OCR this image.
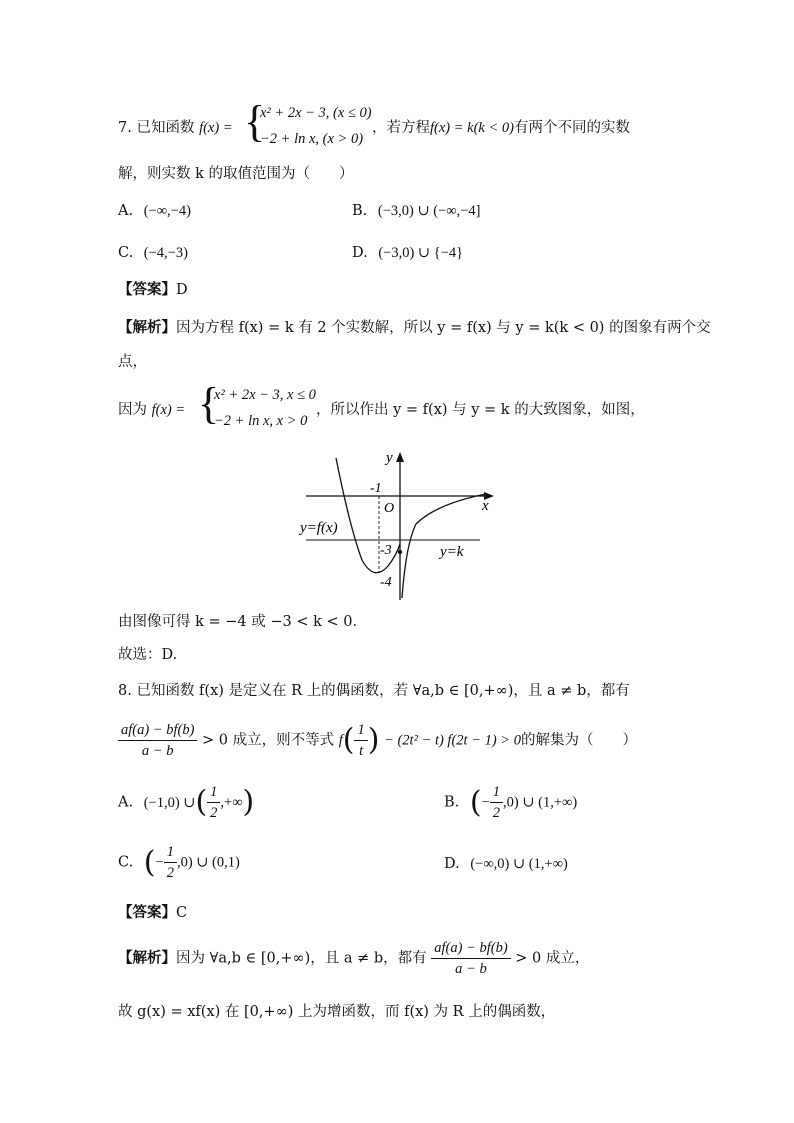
7. 已知函数 f(x) = {
x² + 2x − 3, (x ≤ 0)
−2 + ln x, (x > 0)
，若方程f(x) = k(k < 0)有两个不同的实数
解，则实数 k 的取值范围为（　　）
A. (−∞,−4)	B. (−3,0) ∪ (−∞,−4]
C. (−4,−3)	D. (−3,0) ∪ {−4}
【答案】D
【解析】因为方程 f(x) = k 有 2 个实数解，所以 y = f(x) 与 y = k(k < 0) 的图象有两个交
点，
因为 f(x) = {
x² + 2x − 3, x ≤ 0
−2 + ln x, x > 0
，所以作出 y = f(x) 与 y = k 的大致图象，如图，
y
x
O
-1
-3
-4
y=f(x)
y=k
由图像可得 k = −4 或 −3 < k < 0．
故选：D.
8. 已知函数 f(x) 是定义在 R 上的偶函数，若 ∀a,b ∈ [0,+∞)，且 a ≠ b，都有
$\frac{af(a) - bf(b)}{a - b} > 0$ 成立，则不等式 $f( \frac{1}{t}$ ) − (2t² − t) f(2t − 1) > 0的解集为（　　）
A. (−1,0) ∪( $\frac{1}{2}$ ,+∞)	B. (− $\frac{1}{2} ,0$) ∪ (1,+∞)
C. (− $\frac{1}{2} ,0$) ∪ (0,1)	D. (−∞,0) ∪ (1,+∞)
【答案】C
【解析】因为 ∀a,b ∈ [0,+∞)，且 a ≠ b，都有 $\frac{af(a) - bf(b)}{a - b} > 0$ 成立，
故 g(x) = xf(x) 在 [0,+∞) 上为增函数，而 f(x) 为 R 上的偶函数，
